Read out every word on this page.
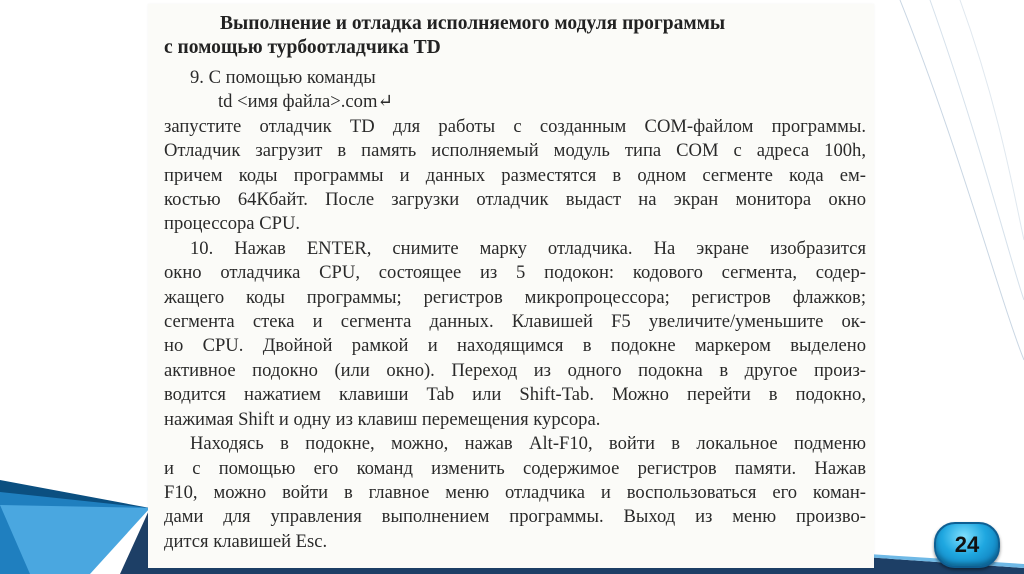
Выполнение и отладка исполняемого модуля программы
с помощью турбоотладчика TD
9. С помощью команды
td <имя файла>.com↵
запустите отладчик TD для работы с созданным COM-файлом программы.
Отладчик загрузит в память исполняемый модуль типа COM с адреса 100h,
причем коды программы и данных разместятся в одном сегменте кода ем-
костью 64Кбайт. После загрузки отладчик выдаст на экран монитора окно
процессора CPU.
10. Нажав ENTER, снимите марку отладчика. На экране изобразится
окно отладчика CPU, состоящее из 5 подокон: кодового сегмента, содер-
жащего коды программы; регистров микропроцессора; регистров флажков;
сегмента стека и сегмента данных. Клавишей F5 увеличите/уменьшите ок-
но CPU. Двойной рамкой и находящимся в подокне маркером выделено
активное подокно (или окно). Переход из одного подокна в другое произ-
водится нажатием клавиши Tab или Shift-Tab. Можно перейти в подокно,
нажимая Shift и одну из клавиш перемещения курсора.
Находясь в подокне, можно, нажав Alt-F10, войти в локальное подменю
и с помощью его команд изменить содержимое регистров памяти. Нажав
F10, можно войти в главное меню отладчика и воспользоваться его коман-
дами для управления выполнением программы. Выход из меню произво-
дится клавишей Esc.	24
